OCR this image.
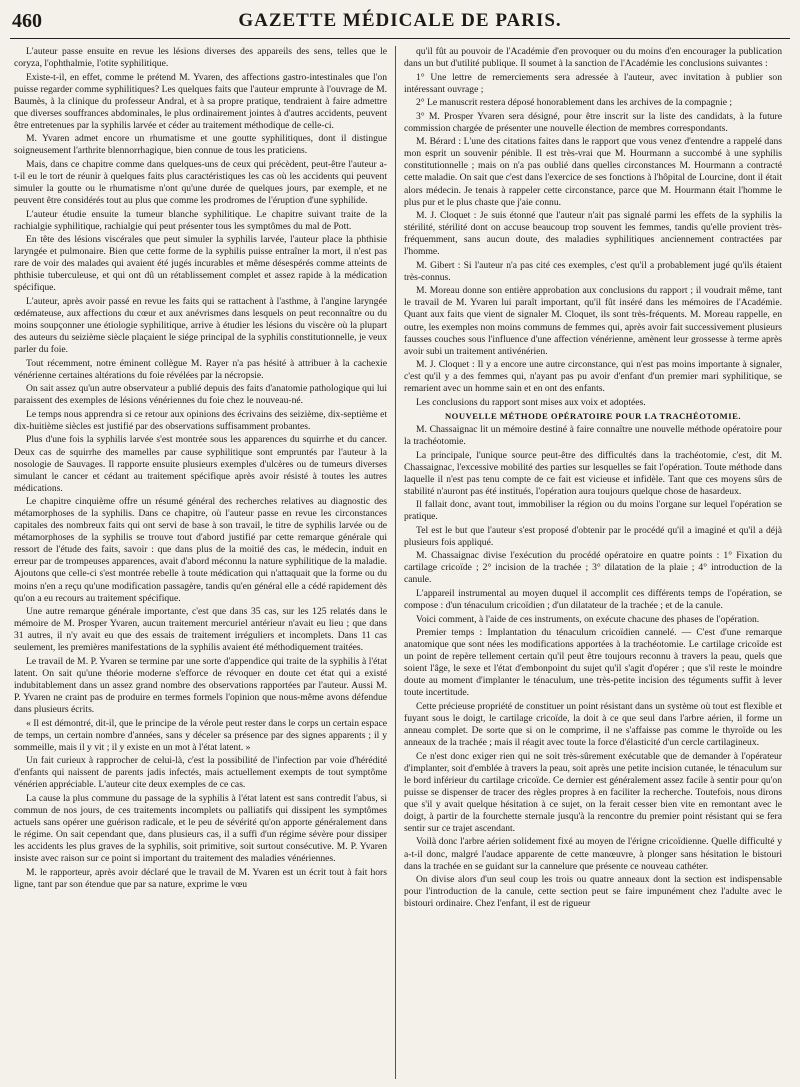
460	GAZETTE MÉDICALE DE PARIS.

L'auteur passe ensuite en revue les lésions diverses des appareils des sens, telles que le coryza, l'ophthalmie, l'otite syphilitique.

Existe-t-il, en effet, comme le prétend M. Yvaren, des affections gastro-intestinales que l'on puisse regarder comme syphilitiques? Les quelques faits que l'auteur emprunte à l'ouvrage de M. Baumès, à la clinique du professeur Andral, et à sa propre pratique, tendraient à faire admettre que diverses souffrances abdominales, le plus ordinairement jointes à d'autres accidents, peuvent être entretenues par la syphilis larvée et céder au traitement méthodique de celle-ci.

M. Yvaren admet encore un rhumatisme et une goutte syphilitiques, dont il distingue soigneusement l'arthrite blennorrhagique, bien connue de tous les praticiens.

Mais, dans ce chapitre comme dans quelques-uns de ceux qui précèdent, peut-être l'auteur a-t-il eu le tort de réunir à quelques faits plus caractéristiques les cas où les accidents qui peuvent simuler la goutte ou le rhumatisme n'ont qu'une durée de quelques jours, par exemple, et ne peuvent être considérés tout au plus que comme les prodromes de l'éruption d'une syphilide.

L'auteur étudie ensuite la tumeur blanche syphilitique. Le chapitre suivant traite de la rachialgie syphilitique, rachialgie qui peut présenter tous les symptômes du mal de Pott.

En tête des lésions viscérales que peut simuler la syphilis larvée, l'auteur place la phthisie laryngée et pulmonaire. Bien que cette forme de la syphilis puisse entraîner la mort, il n'est pas rare de voir des malades qui avaient été jugés incurables et même désespérés comme atteints de phthisie tuberculeuse, et qui ont dû un rétablissement complet et assez rapide à la médication spécifique.

L'auteur, après avoir passé en revue les faits qui se rattachent à l'asthme, à l'angine laryngée œdémateuse, aux affections du cœur et aux anévrismes dans lesquels on peut reconnaître ou du moins soupçonner une étiologie syphilitique, arrive à étudier les lésions du viscère où la plupart des auteurs du seizième siècle plaçaient le siége principal de la syphilis constitutionnelle, je veux parler du foie.

Tout récemment, notre éminent collègue M. Rayer n'a pas hésité à attribuer à la cachexie vénérienne certaines altérations du foie révélées par la nécropsie.

On sait assez qu'un autre observateur a publié depuis des faits d'anatomie pathologique qui lui paraissent des exemples de lésions vénériennes du foie chez le nouveau-né.

Le temps nous apprendra si ce retour aux opinions des écrivains des seizième, dix-septième et dix-huitième siècles est justifié par des observations suffisamment probantes.

Plus d'une fois la syphilis larvée s'est montrée sous les apparences du squirrhe et du cancer. Deux cas de squirrhe des mamelles par cause syphilitique sont empruntés par l'auteur à la nosologie de Sauvages. Il rapporte ensuite plusieurs exemples d'ulcères ou de tumeurs diverses simulant le cancer et cédant au traitement spécifique après avoir résisté à toutes les autres médications.

Le chapitre cinquième offre un résumé général des recherches relatives au diagnostic des métamorphoses de la syphilis. Dans ce chapitre, où l'auteur passe en revue les circonstances capitales des nombreux faits qui ont servi de base à son travail, le titre de syphilis larvée ou de métamorphoses de la syphilis se trouve tout d'abord justifié par cette remarque générale qui ressort de l'étude des faits, savoir : que dans plus de la moitié des cas, le médecin, induit en erreur par de trompeuses apparences, avait d'abord méconnu la nature syphilitique de la maladie. Ajoutons que celle-ci s'est montrée rebelle à toute médication qui n'attaquait que la forme ou du moins n'en a reçu qu'une modification passagère, tandis qu'en général elle a cédé rapidement dès qu'on a eu recours au traitement spécifique.

Une autre remarque générale importante, c'est que dans 35 cas, sur les 125 relatés dans le mémoire de M. Prosper Yvaren, aucun traitement mercuriel antérieur n'avait eu lieu ; que dans 31 autres, il n'y avait eu que des essais de traitement irréguliers et incomplets. Dans 11 cas seulement, les premières manifestations de la syphilis avaient été méthodiquement traitées.

Le travail de M. P. Yvaren se termine par une sorte d'appendice qui traite de la syphilis à l'état latent. On sait qu'une théorie moderne s'efforce de révoquer en doute cet état qui a existé indubitablement dans un assez grand nombre des observations rapportées par l'auteur. Aussi M. P. Yvaren ne craint pas de produire en termes formels l'opinion que nous-même avons défendue dans plusieurs écrits.

« Il est démontré, dit-il, que le principe de la vérole peut rester dans le corps un certain espace de temps, un certain nombre d'années, sans y déceler sa présence par des signes apparents ; il y sommeille, mais il y vit ; il y existe en un mot à l'état latent. »

Un fait curieux à rapprocher de celui-là, c'est la possibilité de l'infection par voie d'hérédité d'enfants qui naissent de parents jadis infectés, mais actuellement exempts de tout symptôme vénérien appréciable. L'auteur cite deux exemples de ce cas.

La cause la plus commune du passage de la syphilis à l'état latent est sans contredit l'abus, si commun de nos jours, de ces traitements incomplets ou palliatifs qui dissipent les symptômes actuels sans opérer une guérison radicale, et le peu de sévérité qu'on apporte généralement dans le régime. On sait cependant que, dans plusieurs cas, il a suffi d'un régime sévère pour dissiper les accidents les plus graves de la syphilis, soit primitive, soit surtout consécutive. M. P. Yvaren insiste avec raison sur ce point si important du traitement des maladies vénériennes.

M. le rapporteur, après avoir déclaré que le travail de M. Yvaren est un écrit tout à fait hors ligne, tant par son étendue que par sa nature, exprime le vœu

qu'il fût au pouvoir de l'Académie d'en provoquer ou du moins d'en encourager la publication dans un but d'utilité publique. Il soumet à la sanction de l'Académie les conclusions suivantes :

1° Une lettre de remerciements sera adressée à l'auteur, avec invitation à publier son intéressant ouvrage ;

2° Le manuscrit restera déposé honorablement dans les archives de la compagnie ;

3° M. Prosper Yvaren sera désigné, pour être inscrit sur la liste des candidats, à la future commission chargée de présenter une nouvelle élection de membres correspondants.

M. Bérard : L'une des citations faites dans le rapport que vous venez d'entendre a rappelé dans mon esprit un souvenir pénible. Il est très-vrai que M. Hourmann a succombé à une syphilis constitutionnelle ; mais on n'a pas oublié dans quelles circonstances M. Hourmann a contracté cette maladie. On sait que c'est dans l'exercice de ses fonctions à l'hôpital de Lourcine, dont il était alors médecin. Je tenais à rappeler cette circonstance, parce que M. Hourmann était l'homme le plus pur et le plus chaste que j'aie connu.

M. J. Cloquet : Je suis étonné que l'auteur n'ait pas signalé parmi les effets de la syphilis la stérilité, stérilité dont on accuse beaucoup trop souvent les femmes, tandis qu'elle provient très-fréquemment, sans aucun doute, des maladies syphilitiques anciennement contractées par l'homme.

M. Gibert : Si l'auteur n'a pas cité ces exemples, c'est qu'il a probablement jugé qu'ils étaient très-connus.

M. Moreau donne son entière approbation aux conclusions du rapport ; il voudrait même, tant le travail de M. Yvaren lui paraît important, qu'il fût inséré dans les mémoires de l'Académie. Quant aux faits que vient de signaler M. Cloquet, ils sont très-fréquents. M. Moreau rappelle, en outre, les exemples non moins communs de femmes qui, après avoir fait successivement plusieurs fausses couches sous l'influence d'une affection vénérienne, amènent leur grossesse à terme après avoir subi un traitement antivénérien.

M. J. Cloquet : Il y a encore une autre circonstance, qui n'est pas moins importante à signaler, c'est qu'il y a des femmes qui, n'ayant pas pu avoir d'enfant d'un premier mari syphilitique, se remarient avec un homme sain et en ont des enfants.

Les conclusions du rapport sont mises aux voix et adoptées.

NOUVELLE MÉTHODE OPÉRATOIRE POUR LA TRACHÉOTOMIE.

M. Chassaignac lit un mémoire destiné à faire connaître une nouvelle méthode opératoire pour la trachéotomie.

La principale, l'unique source peut-être des difficultés dans la trachéotomie, c'est, dit M. Chassaignac, l'excessive mobilité des parties sur lesquelles se fait l'opération. Toute méthode dans laquelle il n'est pas tenu compte de ce fait est vicieuse et infidèle. Tant que ces moyens sûrs de stabilité n'auront pas été institués, l'opération aura toujours quelque chose de hasardeux.

Il fallait donc, avant tout, immobiliser la région ou du moins l'organe sur lequel l'opération se pratique.

Tel est le but que l'auteur s'est proposé d'obtenir par le procédé qu'il a imaginé et qu'il a déjà plusieurs fois appliqué.

M. Chassaignac divise l'exécution du procédé opératoire en quatre points : 1° Fixation du cartilage cricoïde ; 2° incision de la trachée ; 3° dilatation de la plaie ; 4° introduction de la canule.

L'appareil instrumental au moyen duquel il accomplit ces différents temps de l'opération, se compose : d'un ténaculum cricoïdien ; d'un dilatateur de la trachée ; et de la canule.

Voici comment, à l'aide de ces instruments, on exécute chacune des phases de l'opération.

Premier temps : Implantation du ténaculum cricoïdien cannelé. — C'est d'une remarque anatomique que sont nées les modifications apportées à la trachéotomie. Le cartilage cricoïde est un point de repère tellement certain qu'il peut être toujours reconnu à travers la peau, quels que soient l'âge, le sexe et l'état d'embonpoint du sujet qu'il s'agit d'opérer ; que s'il reste le moindre doute au moment d'implanter le ténaculum, une très-petite incision des téguments suffit à lever toute incertitude.

Cette précieuse propriété de constituer un point résistant dans un système où tout est flexible et fuyant sous le doigt, le cartilage cricoïde, la doit à ce que seul dans l'arbre aérien, il forme un anneau complet. De sorte que si on le comprime, il ne s'affaisse pas comme le thyroïde ou les anneaux de la trachée ; mais il réagit avec toute la force d'élasticité d'un cercle cartilagineux.

Ce n'est donc exiger rien qui ne soit très-sûrement exécutable que de demander à l'opérateur d'implanter, soit d'emblée à travers la peau, soit après une petite incision cutanée, le ténaculum sur le bord inférieur du cartilage cricoïde. Ce dernier est généralement assez facile à sentir pour qu'on puisse se dispenser de tracer des règles propres à en faciliter la recherche. Toutefois, nous dirons que s'il y avait quelque hésitation à ce sujet, on la ferait cesser bien vite en remontant avec le doigt, à partir de la fourchette sternale jusqu'à la rencontre du premier point résistant qui se fera sentir sur ce trajet ascendant.

Voilà donc l'arbre aérien solidement fixé au moyen de l'érigne cricoïdienne. Quelle difficulté y a-t-il donc, malgré l'audace apparente de cette manœuvre, à plonger sans hésitation le bistouri dans la trachée en se guidant sur la cannelure que présente ce nouveau cathéter.

On divise alors d'un seul coup les trois ou quatre anneaux dont la section est indispensable pour l'introduction de la canule, cette section peut se faire impunément chez l'adulte avec le bistouri ordinaire. Chez l'enfant, il est de rigueur
